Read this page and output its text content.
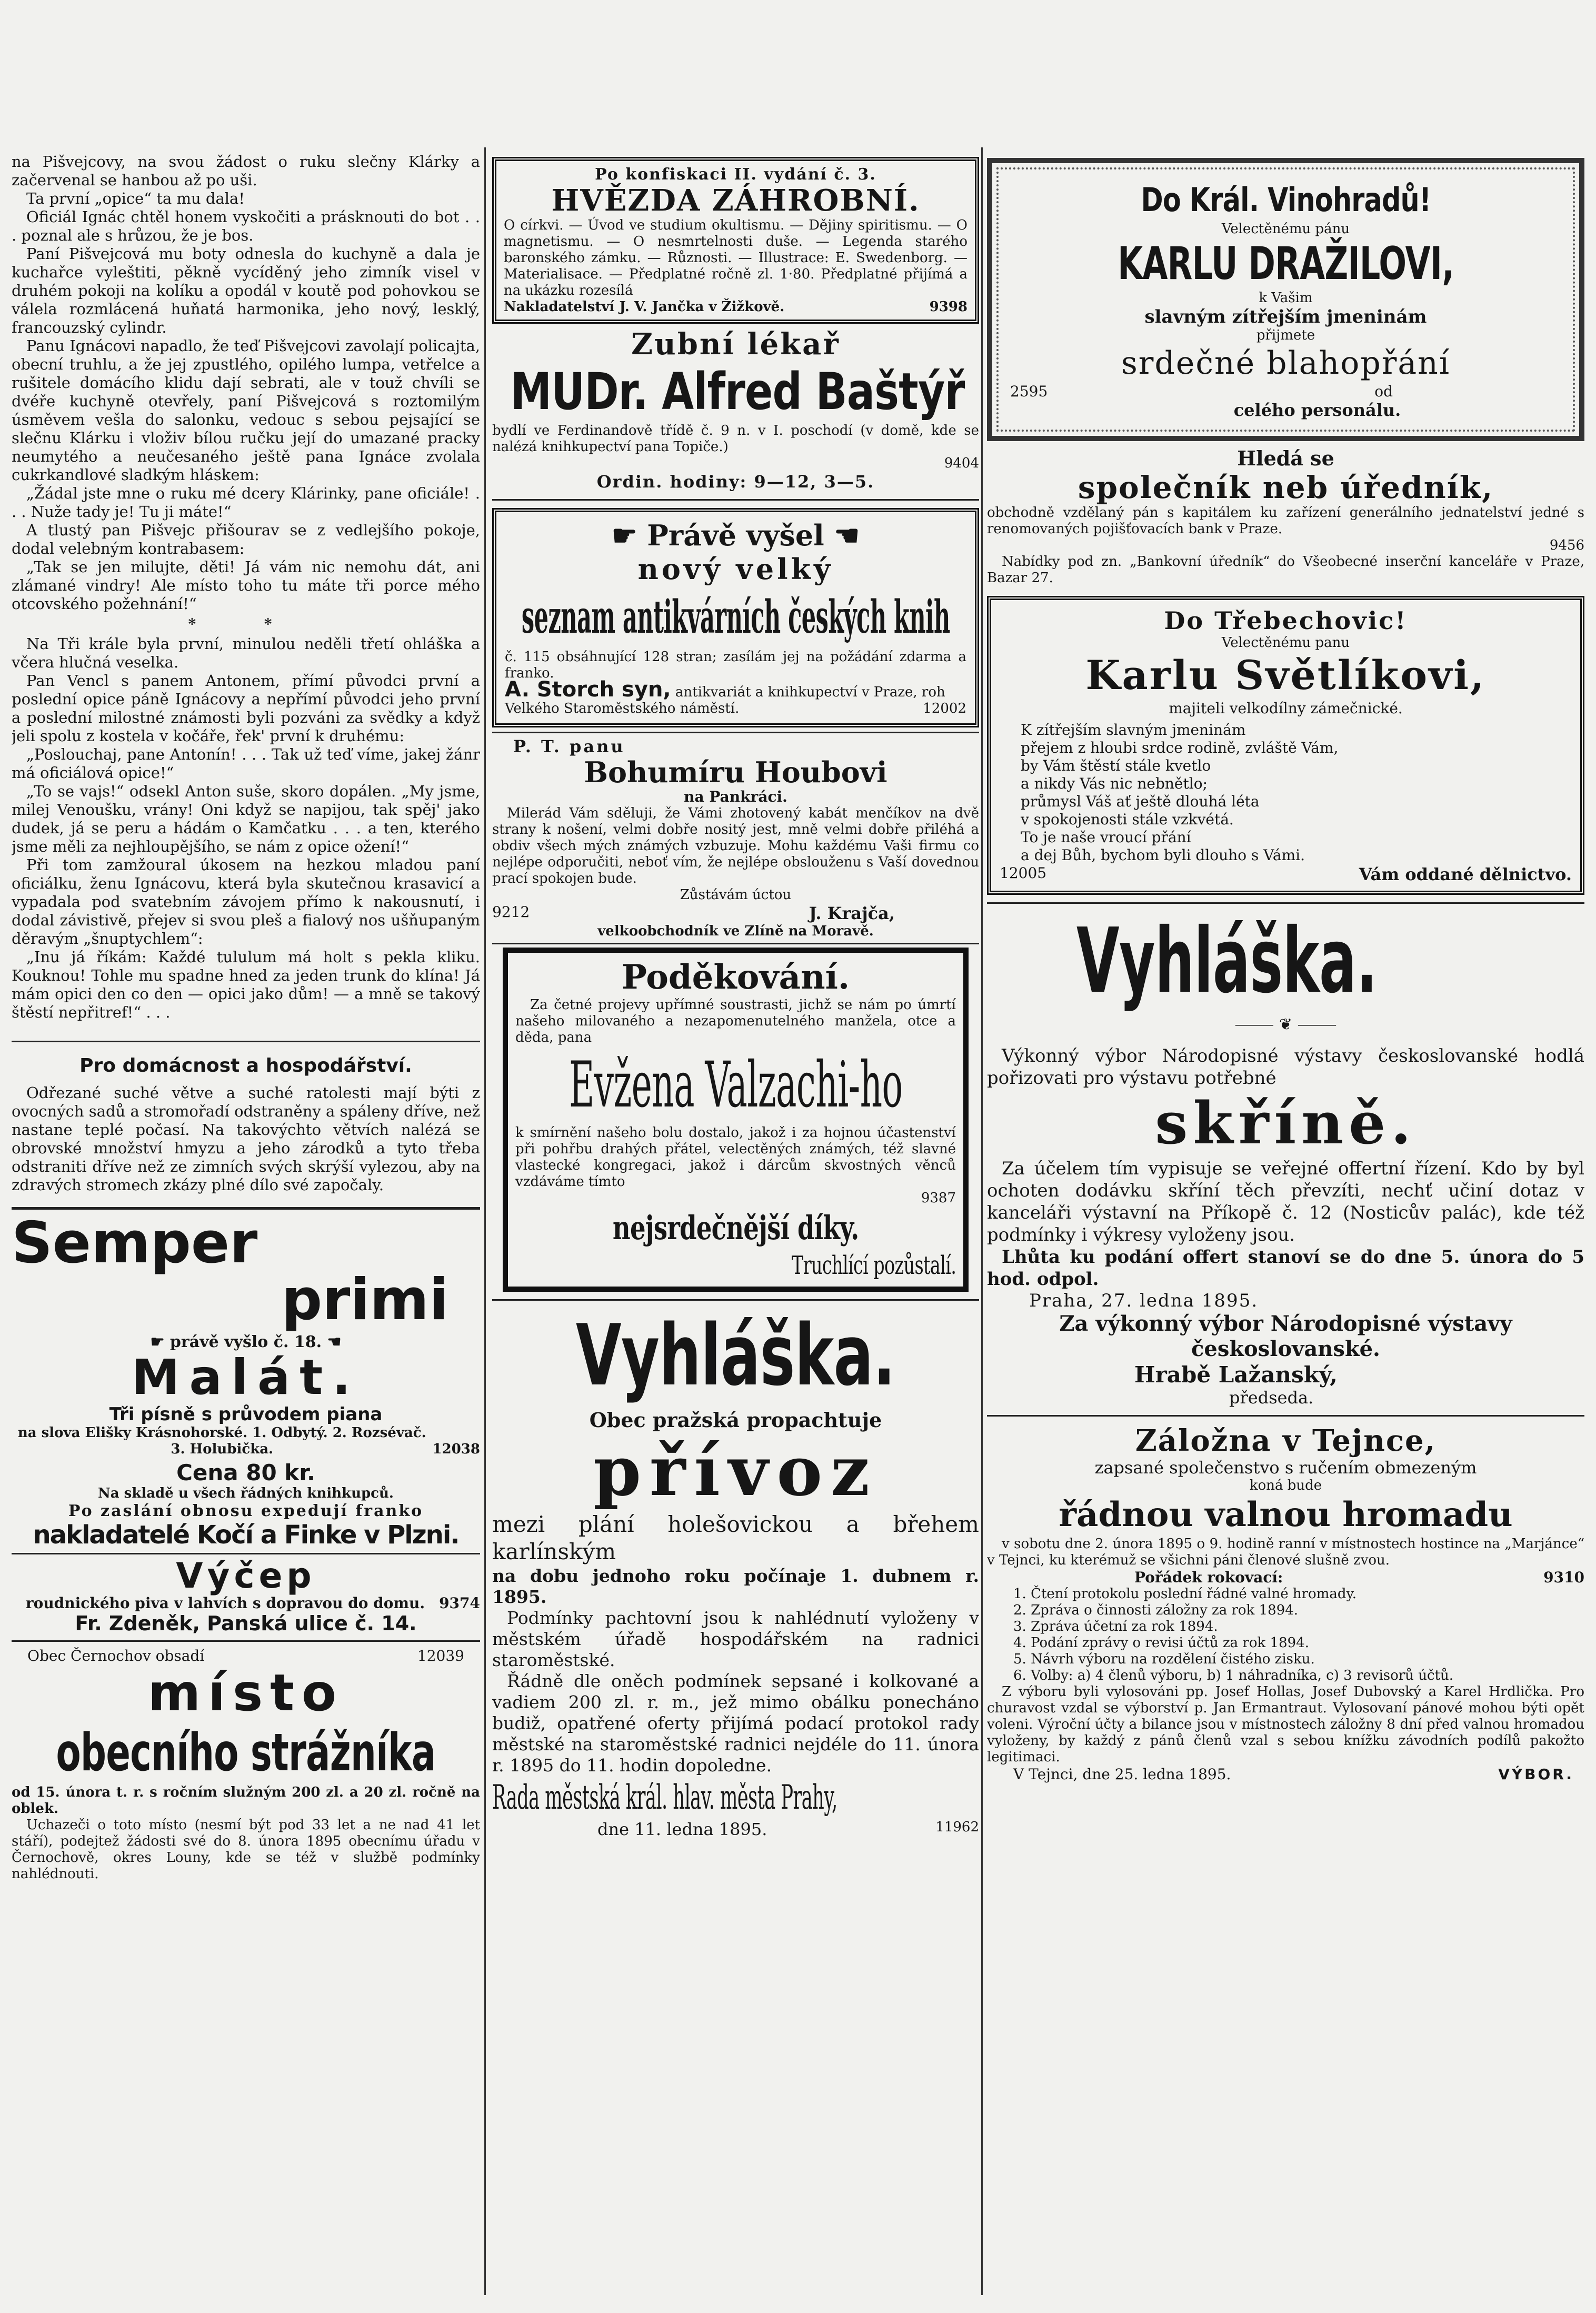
na Pišvejcovy, na svou žádost o ruku slečny Klárky a začervenal se hanbou až po uši.

Ta první „opice“ ta mu dala!

Oficiál Ignác chtěl honem vyskočiti a prásknouti do bot . . . poznal ale s hrůzou, že je bos.

Paní Pišvejcová mu boty odnesla do kuchyně a dala je kuchařce vyleštiti, pěkně vycíděný jeho zimník visel v druhém pokoji na kolíku a opodál v koutě pod pohovkou se válela rozmlácená huňatá harmonika, jeho nový, lesklý, francouzský cylindr.

Panu Ignácovi napadlo, že teď Pišvejcovi zavolají policajta, obecní truhlu, a že jej zpustlého, opilého lumpa, vetřelce a rušitele domácího klidu dají sebrati, ale v touž chvíli se dvéře kuchyně otevřely, paní Pišvejcová s roztomilým úsměvem vešla do salonku, vedouc s sebou pejsající se slečnu Klárku i vloživ bílou ručku její do umazané pracky neumytého a neučesaného ještě pana Ignáce zvolala cukrkandlové sladkým hláskem:

„Žádal jste mne o ruku mé dcery Klárinky, pane oficiále! . . . Nuže tady je! Tu ji máte!“

A tlustý pan Pišvejc přišourav se z vedlejšího pokoje, dodal velebným kontrabasem:

„Tak se jen milujte, děti! Já vám nic nemohu dát, ani zlámané vindry! Ale místo toho tu máte tři porce mého otcovského požehnání!“

* *

Na Tři krále byla první, minulou neděli třetí ohláška a včera hlučná veselka.

Pan Vencl s panem Antonem, přímí původci první a poslední opice páně Ignácovy a nepřímí původci jeho první a poslední milostné známosti byli pozváni za svědky a když jeli spolu z kostela v kočáře, řek' první k druhému:

„Poslouchaj, pane Antonín! . . . Tak už teď víme, jakej žánr má oficiálová opice!“

„To se vajs!“ odsekl Anton suše, skoro dopálen. „My jsme, milej Venoušku, vrány! Oni když se napijou, tak spěj' jako dudek, já se peru a hádám o Kamčatku . . . a ten, kterého jsme měli za nejhloupějšího, se nám z opice ožení!“

Při tom zamžoural úkosem na hezkou mladou paní oficiálku, ženu Ignácovu, která byla skutečnou krasavicí a vypadala pod svatebním závojem přímo k nakousnutí, i dodal závistivě, přejev si svou pleš a fialový nos ušňupaným děravým „šnuptychlem“:

„Inu já říkám: Každé tululum má holt s pekla kliku. Kouknou! Tohle mu spadne hned za jeden trunk do klína! Já mám opici den co den — opici jako dům! — a mně se takový štěstí nepřitref!“ . . .

Pro domácnost a hospodářství.

Odřezané suché větve a suché ratolesti mají býti z ovocných sadů a stromořadí odstraněny a spáleny dříve, než nastane teplé počasí. Na takovýchto větvích nalézá se obrovské množství hmyzu a jeho zárodků a tyto třeba odstraniti dříve než ze zimních svých skrýší vylezou, aby na zdravých stromech zkázy plné dílo své započaly.

Semper
primi
☛ právě vyšlo č. 18. ☚
Malát.
Tři písně s průvodem piana
na slova Elišky Krásnohorské. 1. Odbytý. 2. Rozsévač. 3. Holubička.	12038
Cena 80 kr.
Na skladě u všech řádných knihkupců.
Po zaslání obnosu expedují franko
nakladatelé Kočí a Finke v Plzni.
Výčep
roudnického piva v lahvích s dopravou do domu. 9374
Fr. Zdeněk, Panská ulice č. 14.
Obec Černochov obsadí	12039
místo
obecního strážníka

od 15. února t. r. s ročním služným 200 zl. a 20 zl. ročně na oblek.

Uchazeči o toto místo (nesmí být pod 33 let a ne nad 41 let stáří), podejtež žádosti své do 8. února 1895 obecnímu úřadu v Černochově, okres Louny, kde se též v službě podmínky nahlédnouti.

Po konfiskaci II. vydání č. 3.
HVĚZDA ZÁHROBNÍ.

O církvi. — Úvod ve studium okultismu. — Dějiny spiritismu. — O magnetismu. — O nesmrtelnosti duše. — Legenda starého baronského zámku. — Různosti. — Illustrace: E. Swedenborg. — Materialisace. — Předplatné ročně zl. 1·80. Předplatné přijímá a na ukázku rozesílá

Nakladatelství J. V. Jančka v Žižkově.	9398
Zubní lékař
MUDr. Alfred Baštýř

bydlí ve Ferdinandově třídě č. 9 n. v I. poschodí (v domě, kde se nalézá knihkupectví pana Topiče.)

9404
Ordin. hodiny: 9—12, 3—5.
☛ Právě vyšel ☚
nový velký
seznam antikvárních českých knih

č. 115 obsáhnující 128 stran; zasílám jej na požádání zdarma a franko.

A. Storch syn, antikvariát a knihkupectví v Praze, roh Velkého Staroměstského náměstí.	12002
P. T. panu
Bohumíru Houbovi
na Pankráci.

Milerád Vám sděluji, že Vámi zhotovený kabát menčíkov na dvě strany k nošení, velmi dobře nositý jest, mně velmi dobře přiléhá a obdiv všech mých známých vzbuzuje. Mohu každému Vaši firmu co nejlépe odporučiti, neboť vím, že nejlépe obslouženu s Vaší dovednou prací spokojen bude.

Zůstávám úctou
9212	J. Krajča,
velkoobchodník ve Zlíně na Moravě.
Poděkování.

Za četné projevy upřímné soustrasti, jichž se nám po úmrtí našeho milovaného a nezapomenutelného manžela, otce a děda, pana

Evžena Valzachi-ho

k smírnění našeho bolu dostalo, jakož i za hojnou účastenství při pohřbu drahých přátel, velectěných známých, též slavné vlastecké kongregaci, jakož i dárcům skvostných věnců vzdáváme tímto

9387
nejsrdečnější díky.
Truchlící pozůstalí.
Vyhláška.
Obec pražská propachtuje
přívoz
mezi plání holešovickou a břehem karlínským

na dobu jednoho roku počínaje 1. dubnem r. 1895.

Podmínky pachtovní jsou k nahlédnutí vyloženy v městském úřadě hospodářském na radnici staroměstské.

Řádně dle oněch podmínek sepsané i kolkované a vadiem 200 zl. r. m., jež mimo obálku ponecháno budiž, opatřené oferty přijímá podací protokol rady městské na staroměstské radnici nejdéle do 11. února r. 1895 do 11. hodin dopoledne.

Rada městská král. hlav. města Prahy,
dne 11. ledna 1895.	11962
Do Král. Vinohradů!
Velectěnému pánu
KARLU DRAŽILOVI,
k Vašim
slavným zítřejším jmeninám
přijmete
srdečné blahopřání
2595	od
celého personálu.
Hledá se
společník neb úředník,

obchodně vzdělaný pán s kapitálem ku zařízení generálního jednatelství jedné s renomovaných pojišťovacích bank v Praze.

9456

Nabídky pod zn. „Bankovní úředník“ do Všeobecné inserční kanceláře v Praze, Bazar 27.

Do Třebechovic!
Velectěnému panu
Karlu Světlíkovi,
majiteli velkodílny zámečnické.
K zítřejším slavným jmeninám
přejem z hloubi srdce rodině, zvláště Vám,
by Vám štěstí stále kvetlo
a nikdy Vás nic nebnětlo;
průmysl Váš ať ještě dlouhá léta
v spokojenosti stále vzkvétá.
To je naše vroucí přání
a dej Bůh, bychom byli dlouho s Vámi.
12005	Vám oddané dělnictvo.
Vyhláška.
⸻ ❦ ⸻

Výkonný výbor Národopisné výstavy českoslovanské hodlá pořizovati pro výstavu potřebné

skříně.

Za účelem tím vypisuje se veřejné offertní řízení. Kdo by byl ochoten dodávku skříní těch převzíti, nechť učiní dotaz v kanceláři výstavní na Příkopě č. 12 (Nosticův palác), kde též podmínky i výkresy vyloženy jsou.

Lhůta ku podání offert stanoví se do dne 5. února do 5 hod. odpol.

Praha, 27. ledna 1895.
Za výkonný výbor Národopisné výstavy českoslovanské.
Hrabě Lažanský,
předseda.
Záložna v Tejnce,
zapsané společenstvo s ručením obmezeným
koná bude
řádnou valnou hromadu

v sobotu dne 2. února 1895 o 9. hodině ranní v místnostech hostince na „Marjánce“ v Tejnci, ku kterémuž se všichni páni členové slušně zvou.

Pořádek rokovací:	9310
1. Čtení protokolu poslední řádné valné hromady.
2. Zpráva o činnosti záložny za rok 1894.
3. Zpráva účetní za rok 1894.
4. Podání zprávy o revisi účtů za rok 1894.
5. Návrh výboru na rozdělení čistého zisku.
6. Volby: a) 4 členů výboru, b) 1 náhradníka, c) 3 revisorů účtů.

Z výboru byli vylosováni pp. Josef Hollas, Josef Dubovský a Karel Hrdlička. Pro churavost vzdal se výborství p. Jan Ermantraut. Vylosovaní pánové mohou býti opět voleni. Výroční účty a bilance jsou v místnostech záložny 8 dní před valnou hromadou vyloženy, by každý z pánů členů vzal s sebou knížku závodních podílů pakožto legitimaci.

V Tejnci, dne 25. ledna 1895.	VÝBOR.
